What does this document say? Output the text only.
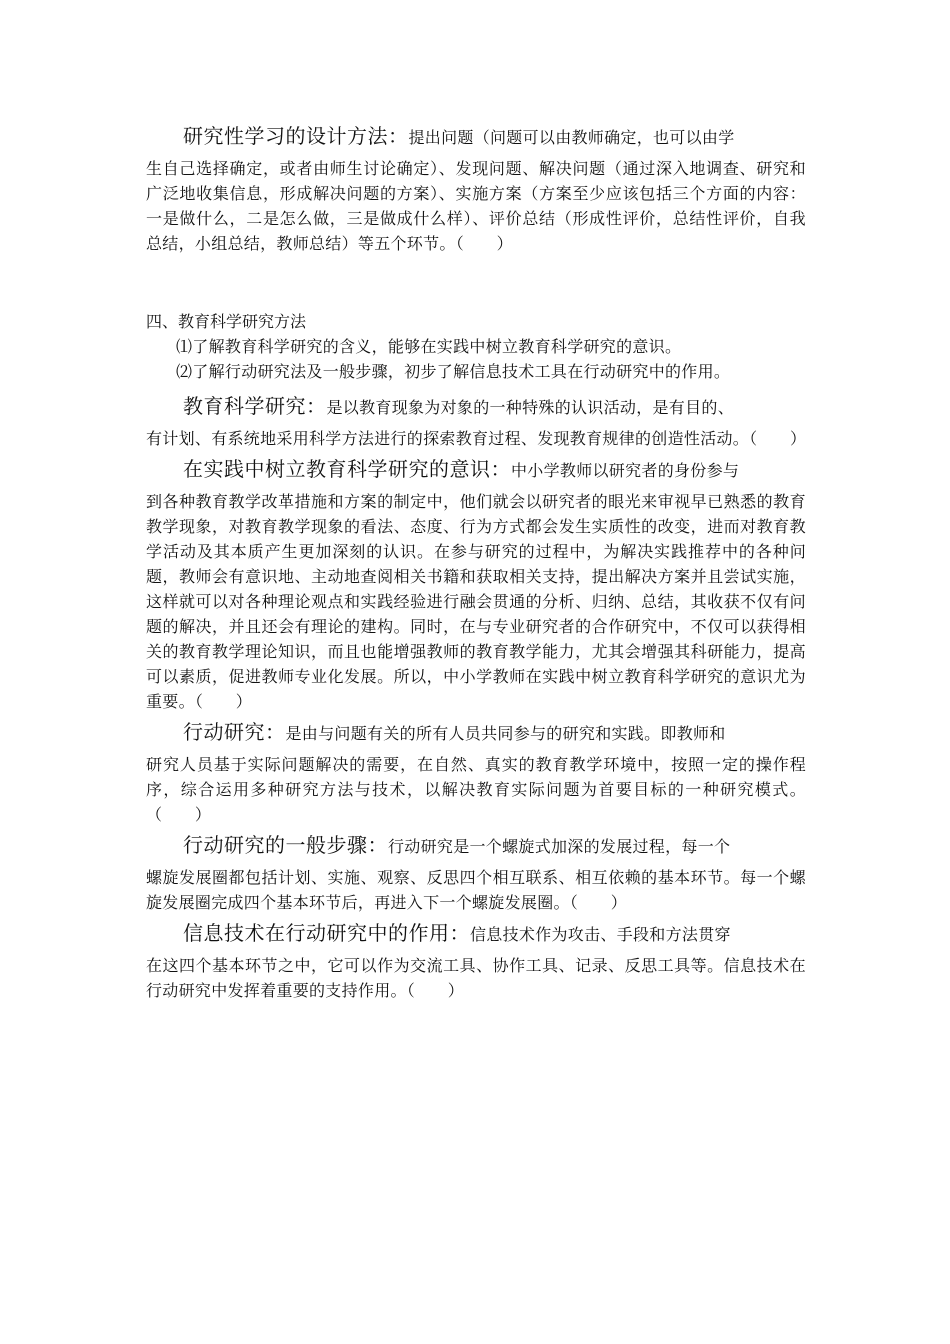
研究性学习的设计方法：提出问题（问题可以由教师确定，也可以由学
生自己选择确定，或者由师生讨论确定）、发现问题、解决问题（通过深入地调查、研究和广泛地收集信息，形成解决问题的方案）、实施方案（方案至少应该包括三个方面的内容：一是做什么，二是怎么做，三是做成什么样）、评价总结（形成性评价，总结性评价，自我总结，小组总结，教师总结）等五个环节。（　　）

四、教育科学研究方法

⑴了解教育科学研究的含义，能够在实践中树立教育科学研究的意识。

⑵了解行动研究法及一般步骤，初步了解信息技术工具在行动研究中的作用。

教育科学研究：是以教育现象为对象的一种特殊的认识活动，是有目的、
有计划、有系统地采用科学方法进行的探索教育过程、发现教育规律的创造性活动。（　　）

在实践中树立教育科学研究的意识：中小学教师以研究者的身份参与
到各种教育教学改革措施和方案的制定中，他们就会以研究者的眼光来审视早已熟悉的教育教学现象，对教育教学现象的看法、态度、行为方式都会发生实质性的改变，进而对教育教学活动及其本质产生更加深刻的认识。在参与研究的过程中，为解决实践推荐中的各种问题，教师会有意识地、主动地查阅相关书籍和获取相关支持，提出解决方案并且尝试实施，这样就可以对各种理论观点和实践经验进行融会贯通的分析、归纳、总结，其收获不仅有问题的解决，并且还会有理论的建构。同时，在与专业研究者的合作研究中，不仅可以获得相关的教育教学理论知识，而且也能增强教师的教育教学能力，尤其会增强其科研能力，提高可以素质，促进教师专业化发展。所以，中小学教师在实践中树立教育科学研究的意识尤为重要。（　　）

行动研究：是由与问题有关的所有人员共同参与的研究和实践。即教师和
研究人员基于实际问题解决的需要，在自然、真实的教育教学环境中，按照一定的操作程序，综合运用多种研究方法与技术，以解决教育实际问题为首要目标的一种研究模式。（　　）

行动研究的一般步骤：行动研究是一个螺旋式加深的发展过程，每一个
螺旋发展圈都包括计划、实施、观察、反思四个相互联系、相互依赖的基本环节。每一个螺旋发展圈完成四个基本环节后，再进入下一个螺旋发展圈。（　　）

信息技术在行动研究中的作用：信息技术作为攻击、手段和方法贯穿
在这四个基本环节之中，它可以作为交流工具、协作工具、记录、反思工具等。信息技术在行动研究中发挥着重要的支持作用。（　　）
